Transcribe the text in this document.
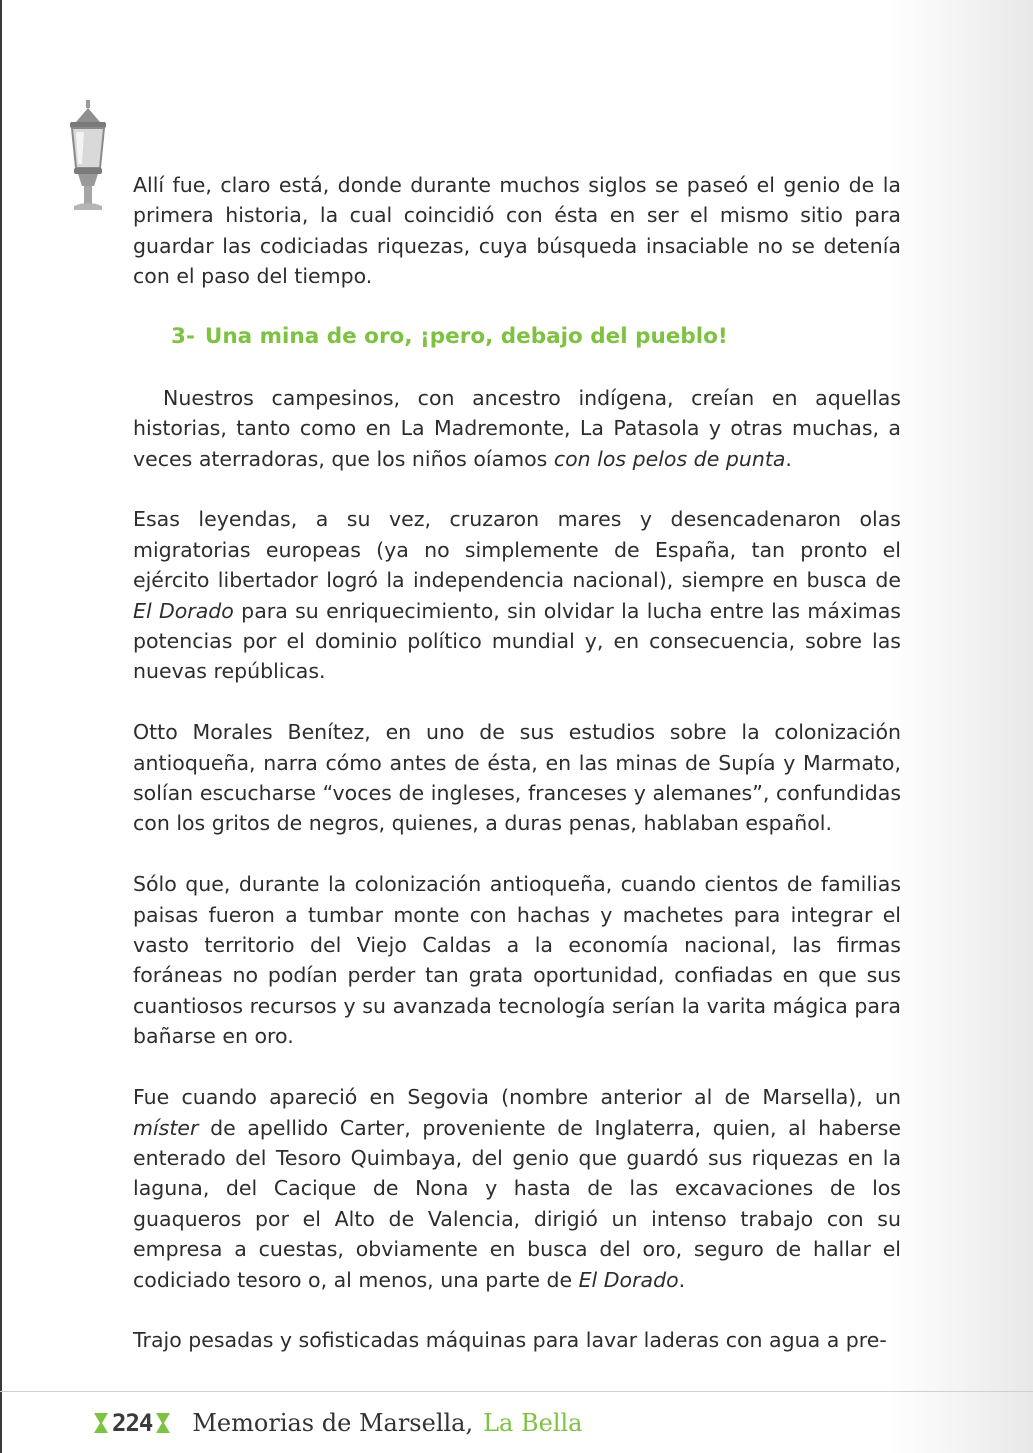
Allí fue, claro está, donde durante muchos siglos se paseó el genio de la primera historia, la cual coincidió con ésta en ser el mismo sitio para guardar las codiciadas riquezas, cuya búsqueda insaciable no se detenía con el paso del tiempo.

3- Una mina de oro, ¡pero, debajo del pueblo!

Nuestros campesinos, con ancestro indígena, creían en aquellas historias, tanto como en La Madremonte, La Patasola y otras muchas, a veces aterradoras, que los niños oíamos con los pelos de punta.

Esas leyendas, a su vez, cruzaron mares y desencadenaron olas migratorias europeas (ya no simplemente de España, tan pronto el ejército libertador logró la independencia nacional), siempre en busca de El Dorado para su enriquecimiento, sin olvidar la lucha entre las máximas potencias por el dominio político mundial y, en consecuencia, sobre las nuevas repúblicas.

Otto Morales Benítez, en uno de sus estudios sobre la colonización antioqueña, narra cómo antes de ésta, en las minas de Supía y Marmato, solían escucharse “voces de ingleses, franceses y alemanes”, confundidas con los gritos de negros, quienes, a duras penas, hablaban español.

Sólo que, durante la colonización antioqueña, cuando cientos de familias paisas fueron a tumbar monte con hachas y machetes para integrar el vasto territorio del Viejo Caldas a la economía nacional, las firmas foráneas no podían perder tan grata oportunidad, confiadas en que sus cuantiosos recursos y su avanzada tecnología serían la varita mágica para bañarse en oro.

Fue cuando apareció en Segovia (nombre anterior al de Marsella), un míster de apellido Carter, proveniente de Inglaterra, quien, al haberse enterado del Tesoro Quimbaya, del genio que guardó sus riquezas en la laguna, del Cacique de Nona y hasta de las excavaciones de los guaqueros por el Alto de Valencia, dirigió un intenso trabajo con su empresa a cuestas, obviamente en busca del oro, seguro de hallar el codiciado tesoro o, al menos, una parte de El Dorado.

Trajo pesadas y sofisticadas máquinas para lavar laderas con agua a pre-

224 Memorias de Marsella, La Bella
